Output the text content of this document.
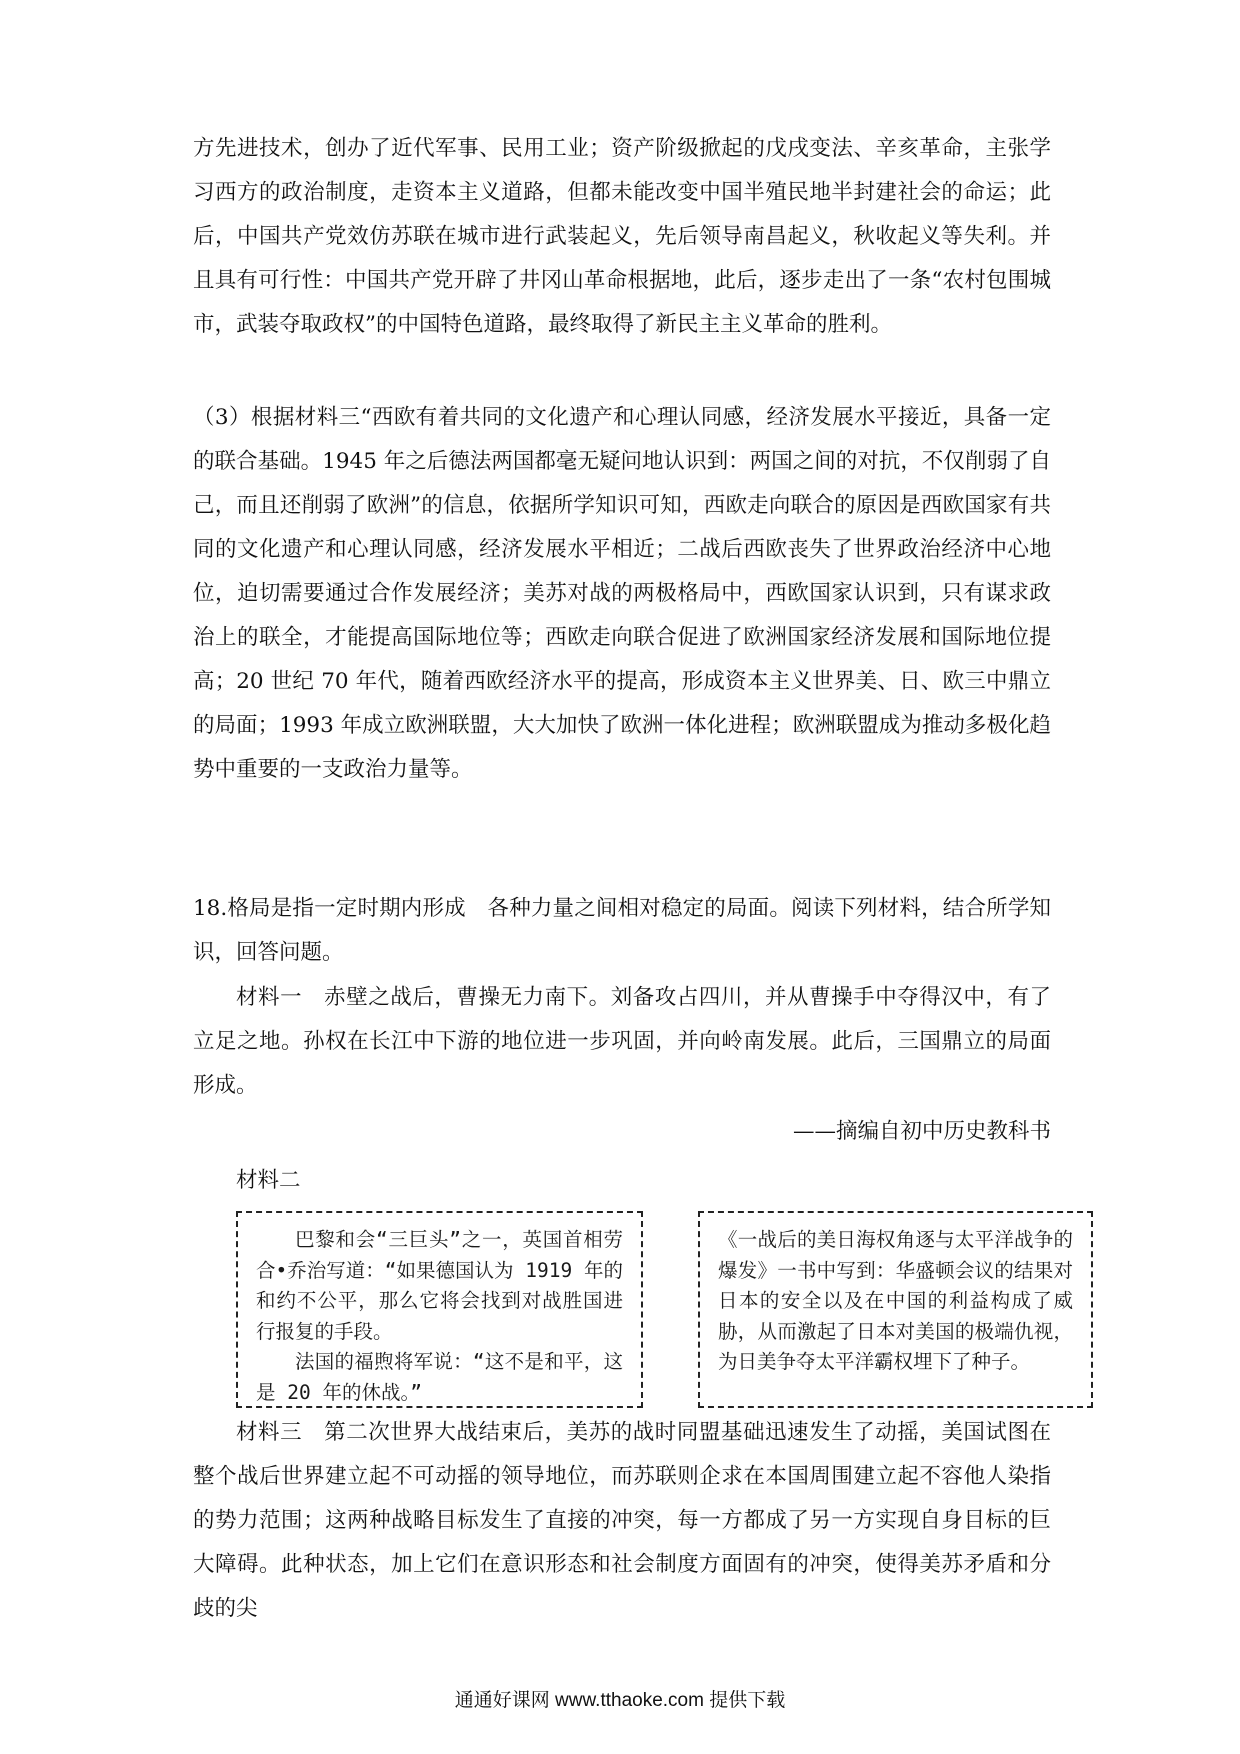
方先进技术，创办了近代军事、民用工业；资产阶级掀起的戊戌变法、辛亥革命，主张学习西方的政治制度，走资本主义道路，但都未能改变中国半殖民地半封建社会的命运；此后，中国共产党效仿苏联在城市进行武装起义，先后领导南昌起义，秋收起义等失利。并且具有可行性：中国共产党开辟了井冈山革命根据地，此后，逐步走出了一条“农村包围城市，武装夺取政权”的中国特色道路，最终取得了新民主主义革命的胜利。

（3）根据材料三“西欧有着共同的文化遗产和心理认同感，经济发展水平接近，具备一定的联合基础。1945 年之后德法两国都毫无疑问地认识到：两国之间的对抗，不仅削弱了自己，而且还削弱了欧洲”的信息，依据所学知识可知，西欧走向联合的原因是西欧国家有共同的文化遗产和心理认同感，经济发展水平相近；二战后西欧丧失了世界政治经济中心地位，迫切需要通过合作发展经济；美苏对战的两极格局中，西欧国家认识到，只有谋求政治上的联全，才能提高国际地位等；西欧走向联合促进了欧洲国家经济发展和国际地位提高；20 世纪 70 年代，随着西欧经济水平的提高，形成资本主义世界美、日、欧三中鼎立的局面；1993 年成立欧洲联盟，大大加快了欧洲一体化进程；欧洲联盟成为推动多极化趋势中重要的一支政治力量等。

18.格局是指一定时期内形成　各种力量之间相对稳定的局面。阅读下列材料，结合所学知识，回答问题。

材料一　赤壁之战后，曹操无力南下。刘备攻占四川，并从曹操手中夺得汉中，有了立足之地。孙权在长江中下游的地位进一步巩固，并向岭南发展。此后，三国鼎立的局面形成。

——摘编自初中历史教科书

材料二

巴黎和会“三巨头”之一，英国首相劳合•乔治写道：“如果德国认为 1919 年的和约不公平，那么它将会找到对战胜国进行报复的手段。

法国的福煦将军说：“这不是和平，这是 20 年的休战。”

《一战后的美日海权角逐与太平洋战争的爆发》一书中写到：华盛顿会议的结果对日本的安全以及在中国的利益构成了威胁，从而激起了日本对美国的极端仇视，为日美争夺太平洋霸权埋下了种子。

材料三　第二次世界大战结束后，美苏的战时同盟基础迅速发生了动摇，美国试图在整个战后世界建立起不可动摇的领导地位，而苏联则企求在本国周围建立起不容他人染指的势力范围；这两种战略目标发生了直接的冲突，每一方都成了另一方实现自身目标的巨大障碍。此种状态，加上它们在意识形态和社会制度方面固有的冲突，使得美苏矛盾和分歧的尖

通通好课网 www.tthaoke.com 提供下载
